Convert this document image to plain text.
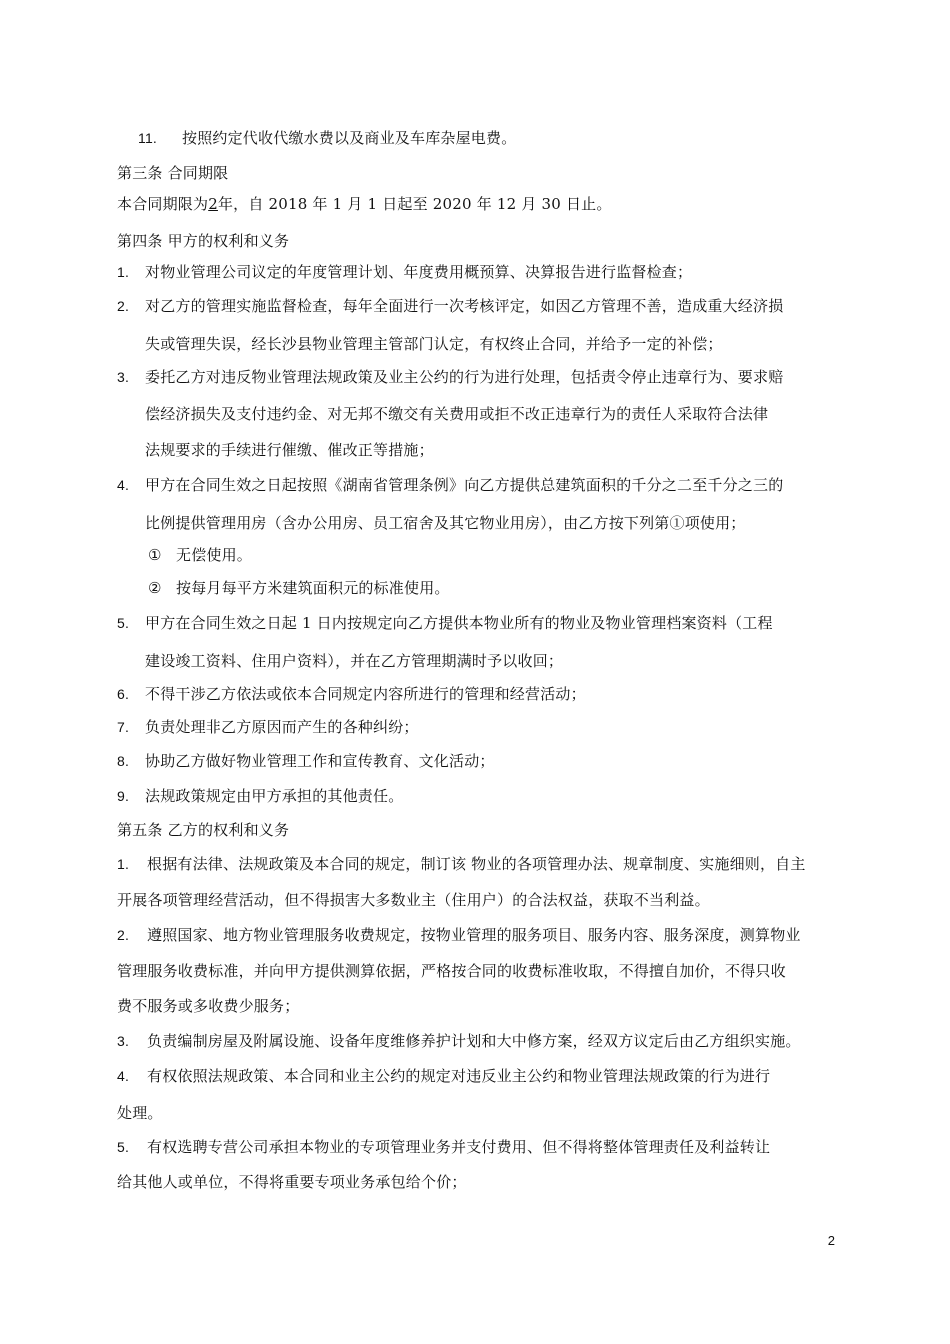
11. 按照约定代收代缴水费以及商业及车库杂屋电费。
第三条 合同期限
本合同期限为2年，自 2018 年 1 月 1 日起至 2020 年 12 月 30 日止。
第四条 甲方的权利和义务
1. 对物业管理公司议定的年度管理计划、年度费用概预算、决算报告进行监督检查；
2. 对乙方的管理实施监督检查，每年全面进行一次考核评定，如因乙方管理不善，造成重大经济损
失或管理失误，经长沙县物业管理主管部门认定，有权终止合同，并给予一定的补偿；
3. 委托乙方对违反物业管理法规政策及业主公约的行为进行处理，包括责令停止违章行为、要求赔
偿经济损失及支付违约金、对无邦不缴交有关费用或拒不改正违章行为的责任人采取符合法律
法规要求的手续进行催缴、催改正等措施；
4. 甲方在合同生效之日起按照《湖南省管理条例》向乙方提供总建筑面积的千分之二至千分之三的
比例提供管理用房（含办公用房、员工宿舍及其它物业用房），由乙方按下列第①项使用；
① 无偿使用。
② 按每月每平方米建筑面积元的标准使用。
5. 甲方在合同生效之日起 1 日内按规定向乙方提供本物业所有的物业及物业管理档案资料（工程
建设竣工资料、住用户资料），并在乙方管理期满时予以收回；
6. 不得干涉乙方依法或依本合同规定内容所进行的管理和经营活动；
7. 负责处理非乙方原因而产生的各种纠纷；
8. 协助乙方做好物业管理工作和宣传教育、文化活动；
9. 法规政策规定由甲方承担的其他责任。
第五条 乙方的权利和义务
1. 根据有法律、法规政策及本合同的规定，制订该 物业的各项管理办法、规章制度、实施细则，自主
开展各项管理经营活动，但不得损害大多数业主（住用户）的合法权益，获取不当利益。
2. 遵照国家、地方物业管理服务收费规定，按物业管理的服务项目、服务内容、服务深度，测算物业
管理服务收费标准，并向甲方提供测算依据，严格按合同的收费标准收取，不得擅自加价，不得只收
费不服务或多收费少服务；
3. 负责编制房屋及附属设施、设备年度维修养护计划和大中修方案，经双方议定后由乙方组织实施。
4. 有权依照法规政策、本合同和业主公约的规定对违反业主公约和物业管理法规政策的行为进行
处理。
5. 有权选聘专营公司承担本物业的专项管理业务并支付费用、但不得将整体管理责任及利益转让
给其他人或单位，不得将重要专项业务承包给个价；
2
